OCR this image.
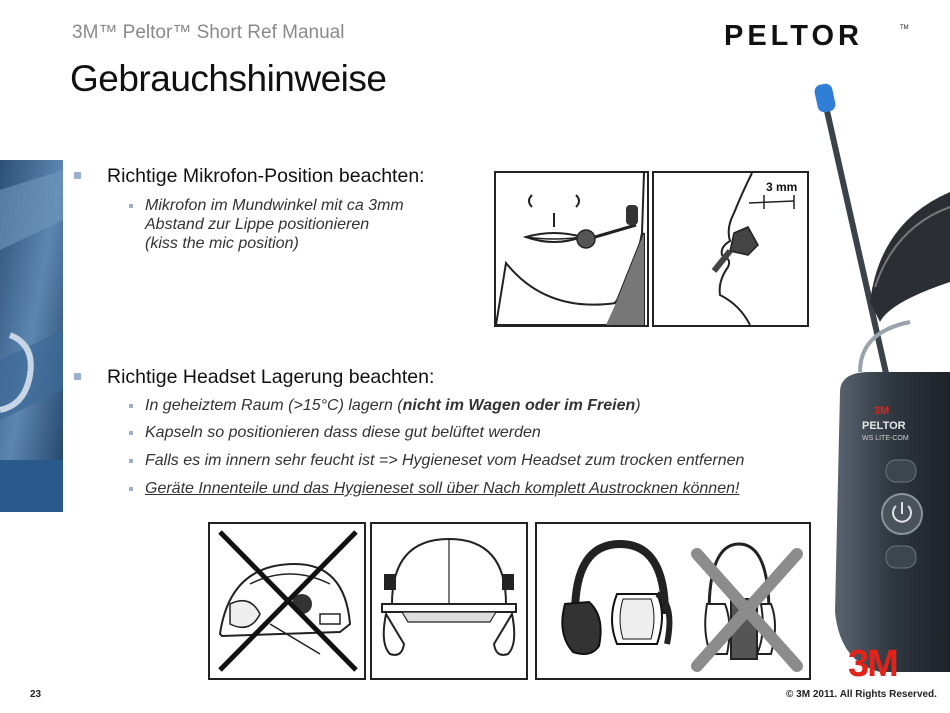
3M™ Peltor™ Short Ref Manual
Gebrauchshinweise
PELTOR	TM
Richtige Mikrofon-Position beachten:
Mikrofon im Mundwinkel mit ca 3mm
Abstand zur Lippe positionieren
(kiss the mic position)
3 mm
Richtige Headset Lagerung beachten:
In geheiztem Raum (>15°C) lagern (nicht im Wagen oder im Freien)
Kapseln so positionieren dass diese gut belüftet werden
Falls es im innern sehr feucht ist => Hygieneset vom Headset zum trocken entfernen
Geräte Innenteile und das Hygieneset soll über Nach komplett Austrocknen können!
3M
PELTOR
WS LITE-COM
23	© 3M 2011. All Rights Reserved.
3M
